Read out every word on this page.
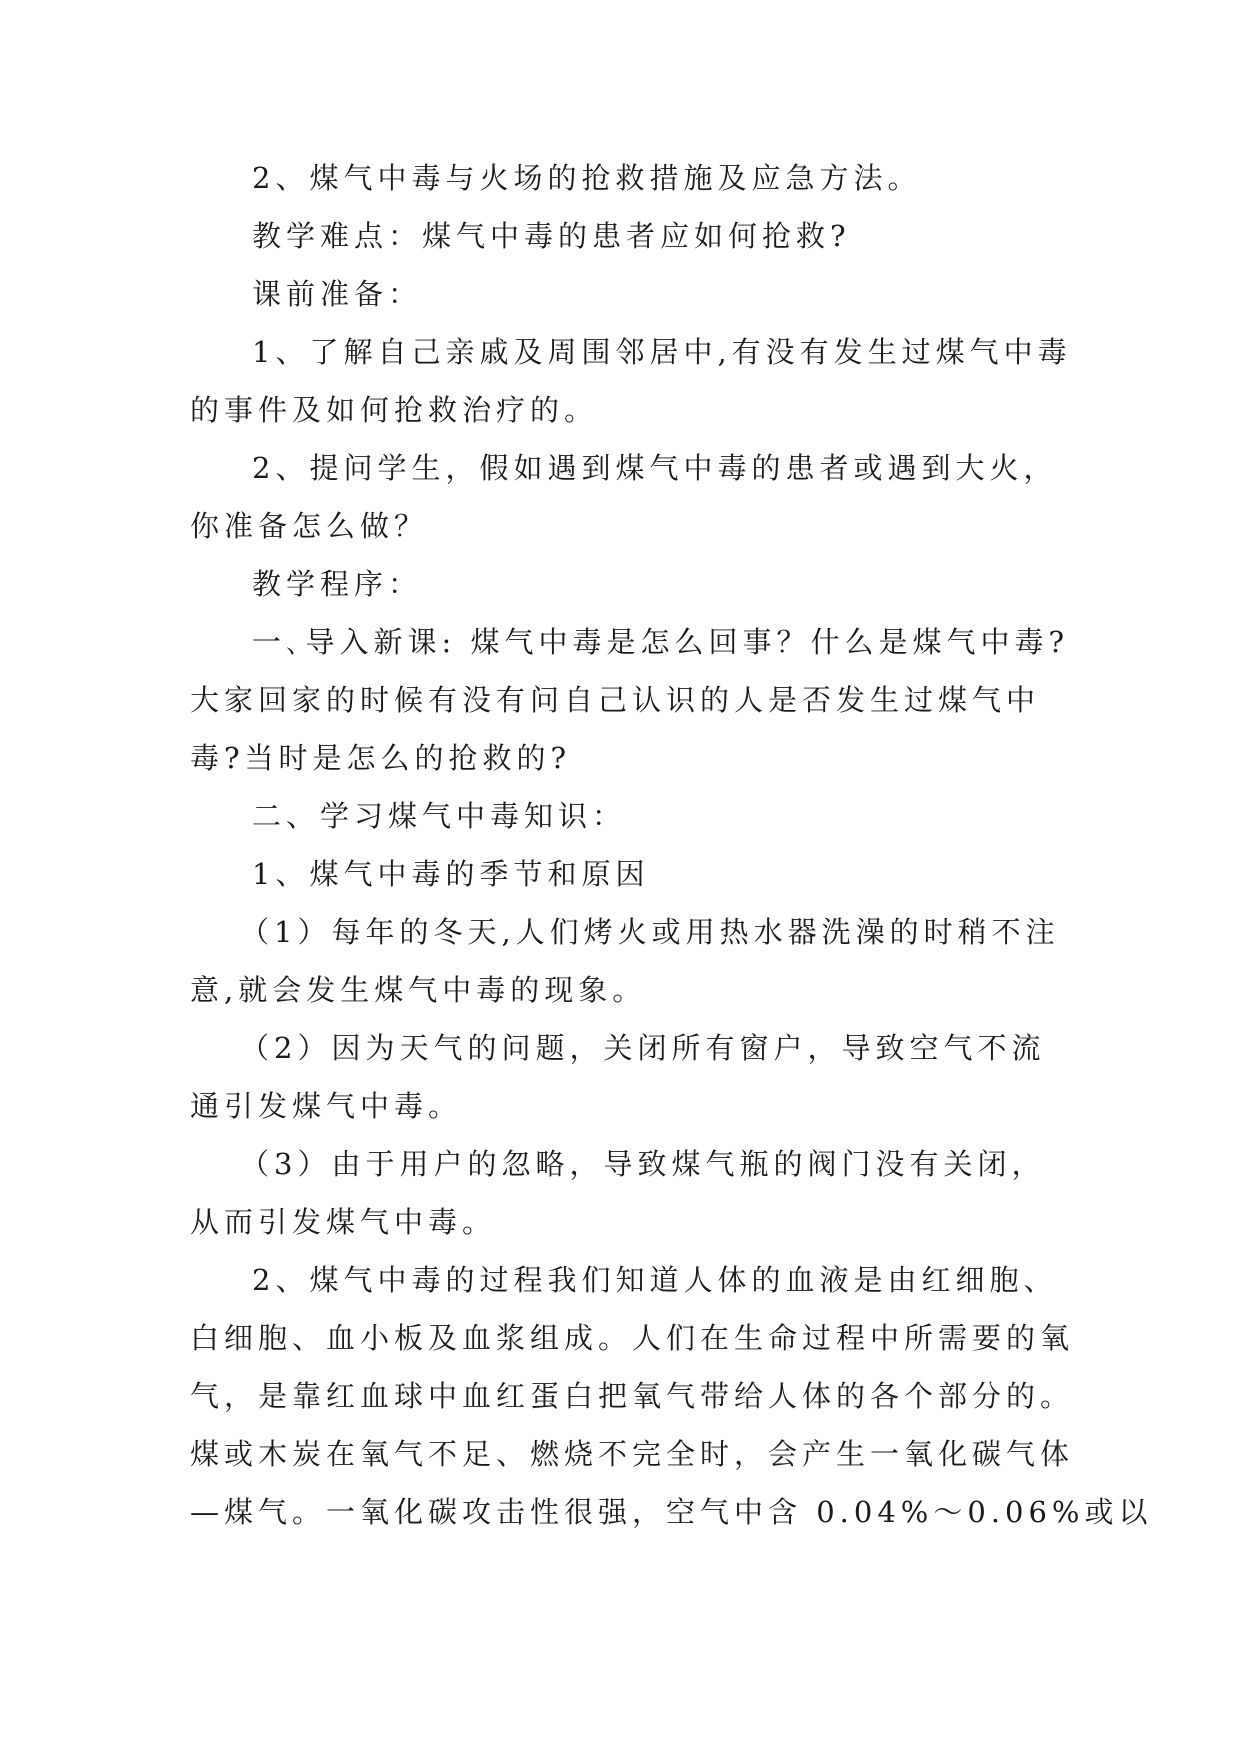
2、煤气中毒与火场的抢救措施及应急方法。
教学难点：煤气中毒的患者应如何抢救?
课前准备：
1、了解自己亲戚及周围邻居中,有没有发生过煤气中毒
的事件及如何抢救治疗的。
2、提问学生，假如遇到煤气中毒的患者或遇到大火，
你准备怎么做？
教学程序：
一､导入新课: 煤气中毒是怎么回事？什么是煤气中毒?
大家回家的时候有没有问自己认识的人是否发生过煤气中
毒?当时是怎么的抢救的?
二、学习煤气中毒知识：
1、煤气中毒的季节和原因
（1）每年的冬天,人们烤火或用热水器洗澡的时稍不注
意,就会发生煤气中毒的现象。
（2）因为天气的问题，关闭所有窗户，导致空气不流
通引发煤气中毒。
（3）由于用户的忽略，导致煤气瓶的阀门没有关闭，
从而引发煤气中毒。
2、煤气中毒的过程我们知道人体的血液是由红细胞、
白细胞、血小板及血浆组成。人们在生命过程中所需要的氧
气，是靠红血球中血红蛋白把氧气带给人体的各个部分的。
煤或木炭在氧气不足、燃烧不完全时，会产生一氧化碳气体
—煤气。一氧化碳攻击性很强，空气中含 0.04%～0.06%或以
